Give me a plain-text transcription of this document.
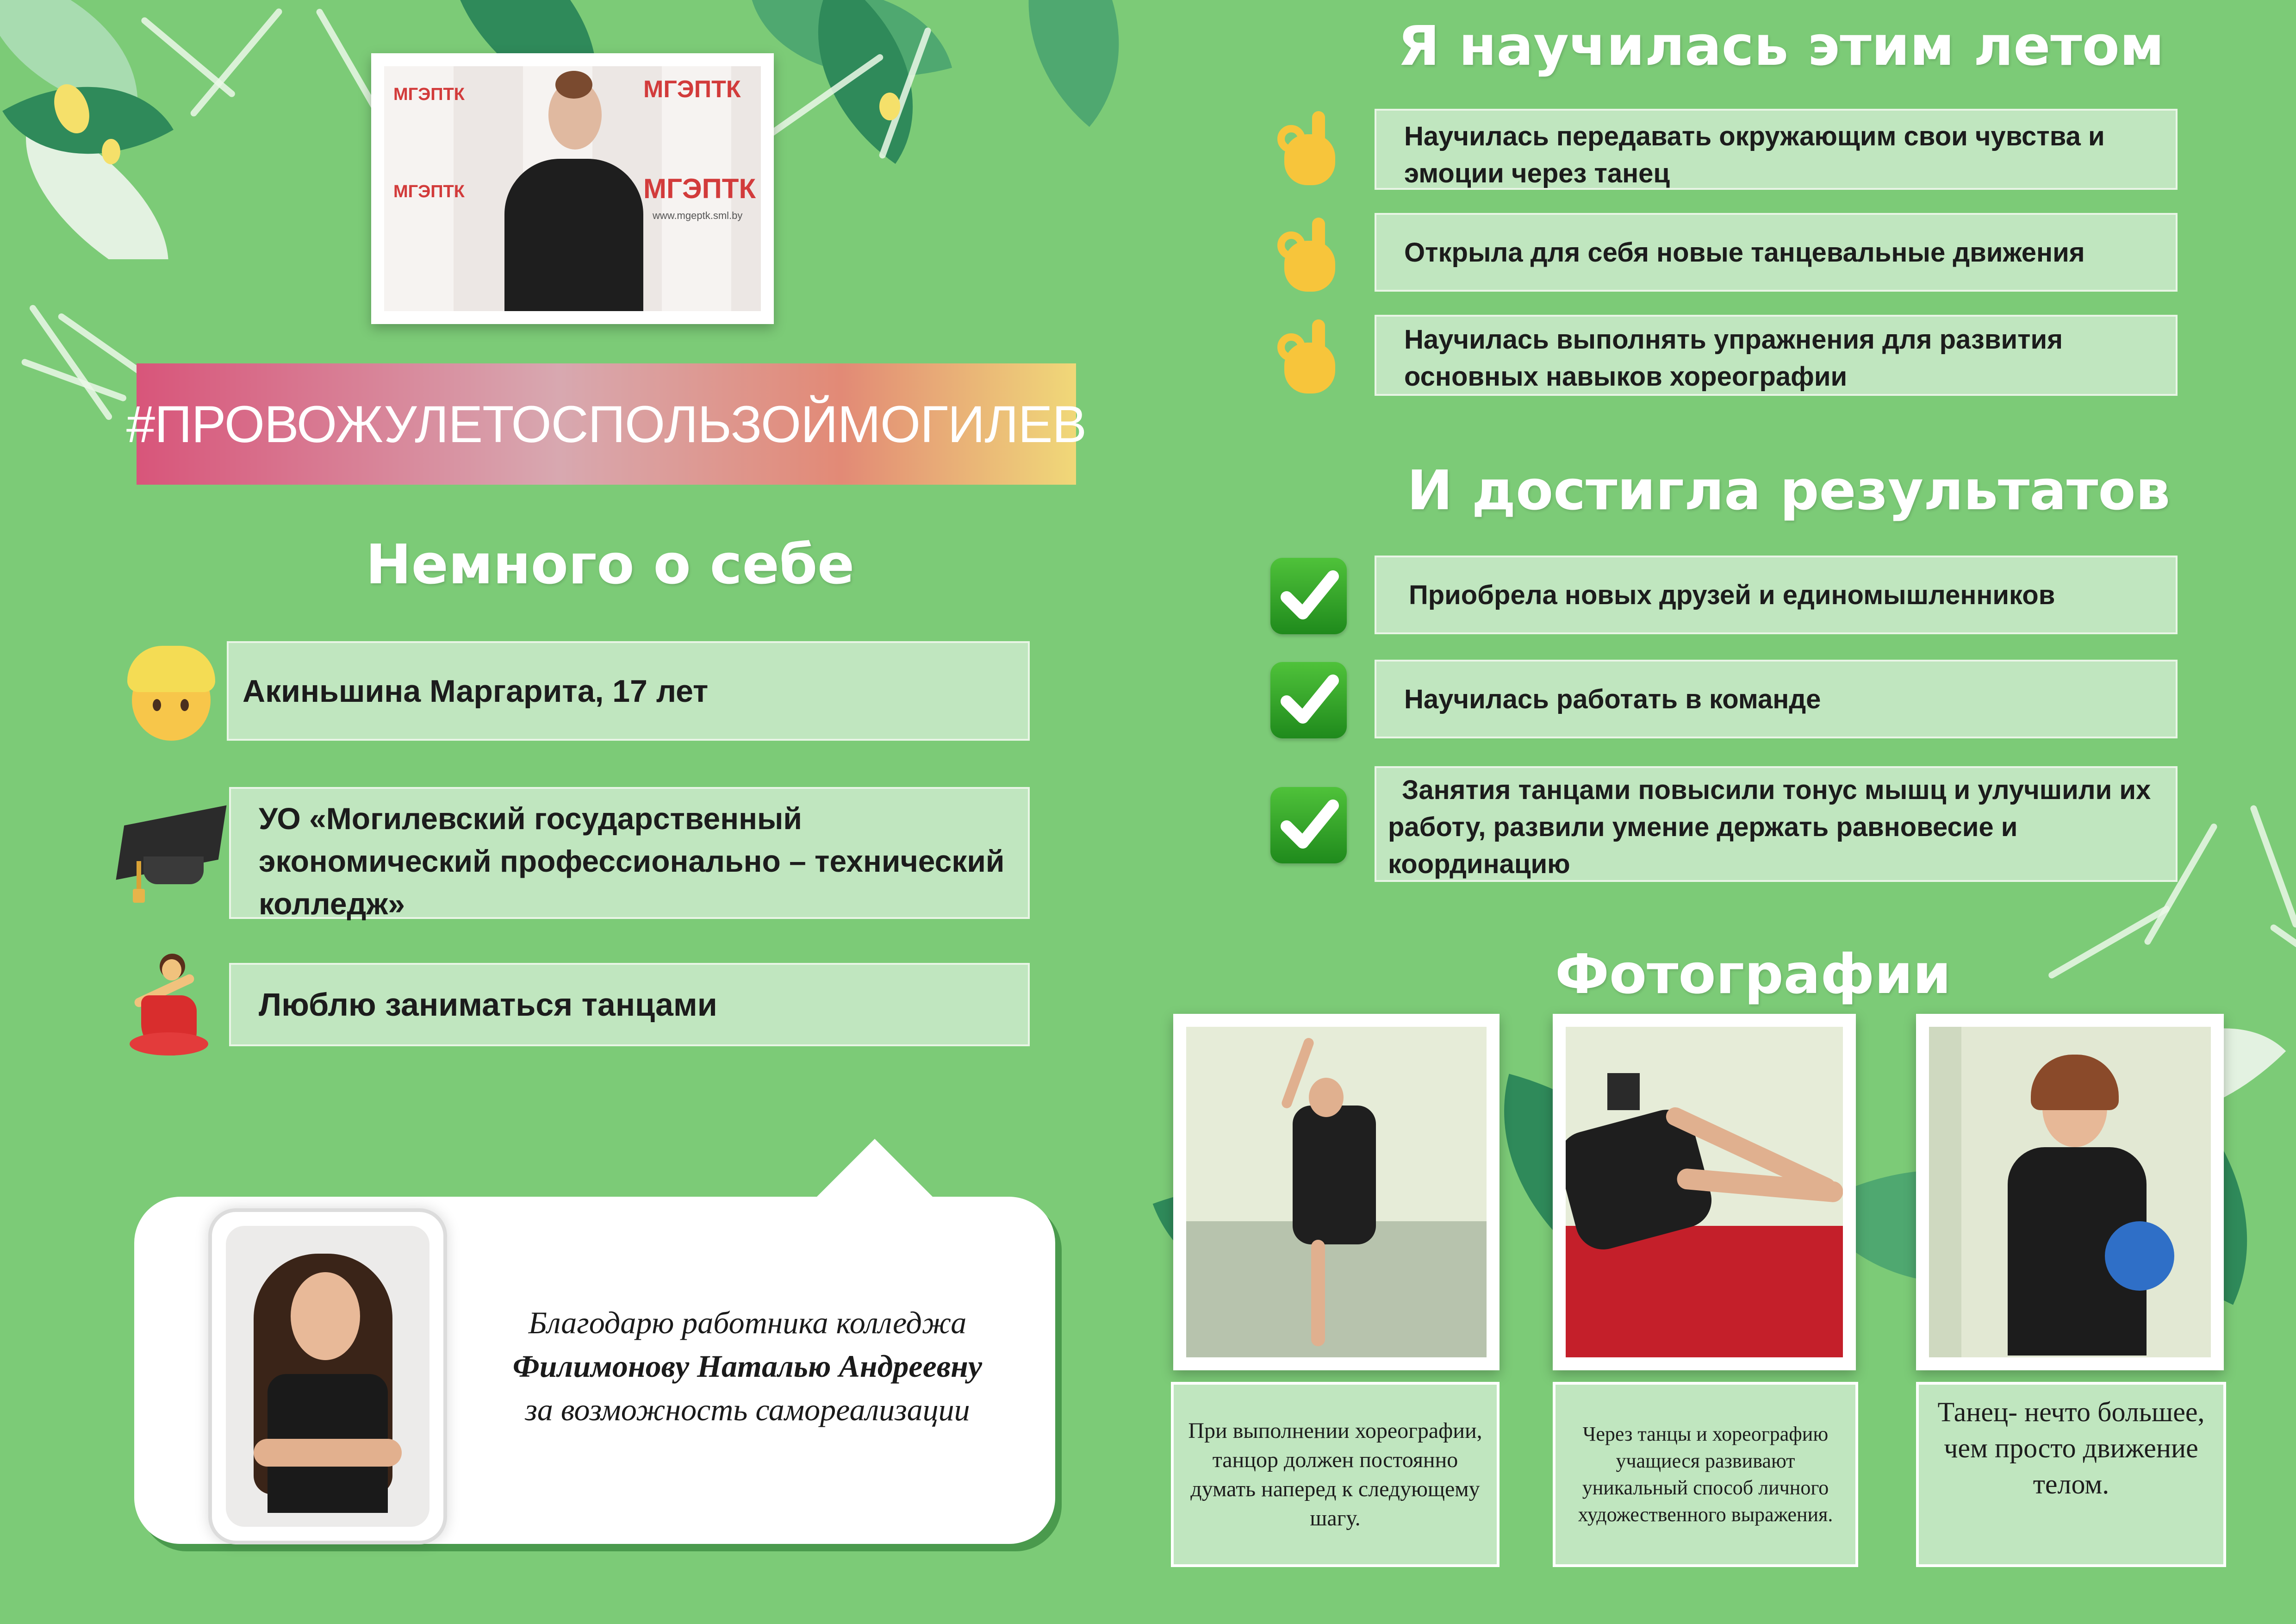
МГЭПТК
МГЭПТК
МГЭПТК
www.mgeptk.sml.by
МГЭПТК
#ПРОВОЖУЛЕТОСПОЛЬЗОЙМОГИЛЕВ
Немного о себе
Акиньшина Маргарита, 17 лет
УО «Могилевский государственный экономический профессионально – технический колледж»
Люблю заниматься танцами
Благодарю работника колледжа
Филимонову Наталью Андреевну
за возможность самореализации
Я научилась этим летом
Научилась передавать окружающим свои чувства и эмоции через танец
Открыла для себя новые танцевальные движения
Научилась выполнять упражнения для развития основных навыков хореографии
И достигла результатов
Приобрела новых друзей и единомышленников
Научилась работать в команде
Занятия танцами повысили тонус мышц и улучшили их работу, развили умение держать равновесие и координацию
Фотографии
При выполнении хореографии, танцор должен постоянно думать наперед к следующему шагу.
Через танцы и хореографию учащиеся развивают уникальный способ личного художественного выражения.
Танец- нечто большее, чем просто движение телом.
